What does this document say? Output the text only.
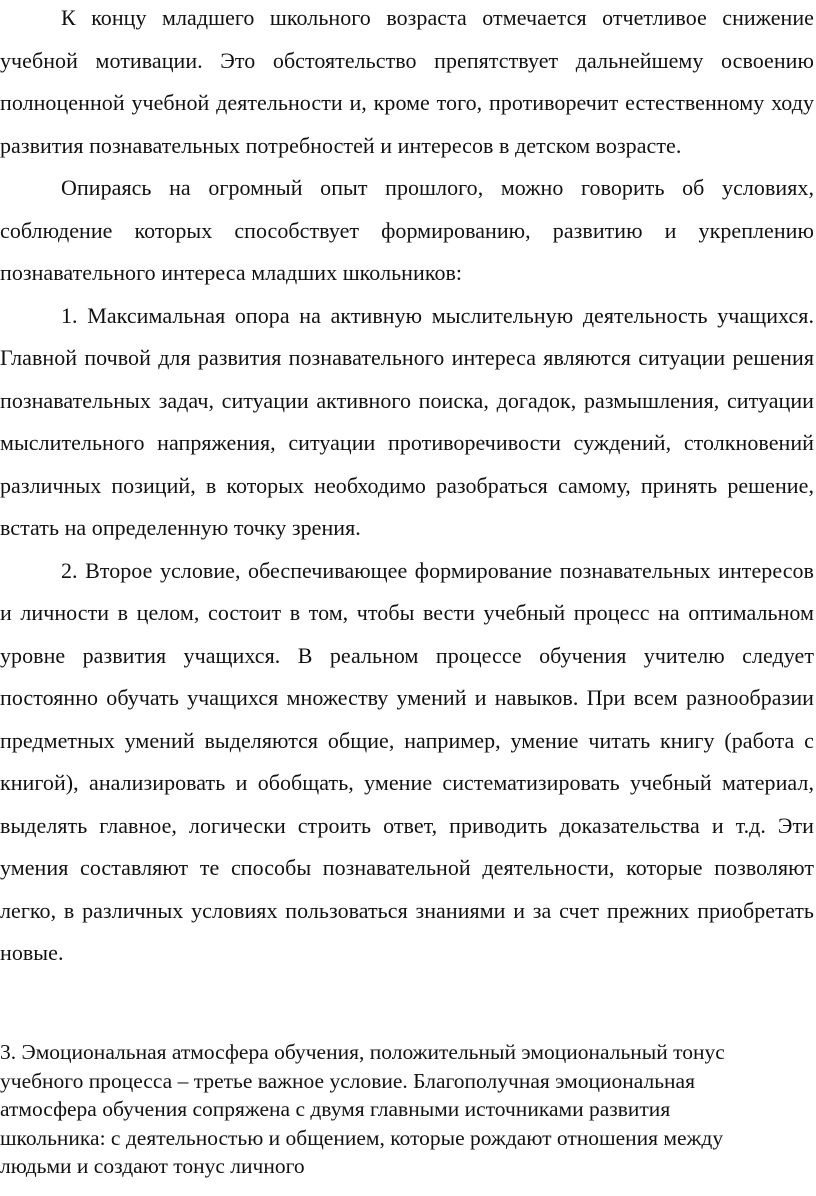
К концу младшего школьного возраста отмечается отчетливое снижение учебной мотивации. Это обстоятельство препятствует дальнейшему освоению полноценной учебной деятельности и, кроме того, противоречит естественному ходу развития познавательных потребностей и интересов в детском возрасте.

Опираясь на огромный опыт прошлого, можно говорить об условиях, соблюдение которых способствует формированию, развитию и укреплению познавательного интереса младших школьников:

1. Максимальная опора на активную мыслительную деятельность учащихся. Главной почвой для развития познавательного интереса являются ситуации решения познавательных задач, ситуации активного поиска, догадок, размышления, ситуации мыслительного напряжения, ситуации противоречивости суждений, столкновений различных позиций, в которых необходимо разобраться самому, принять решение, встать на определенную точку зрения.

2. Второе условие, обеспечивающее формирование познавательных интересов и личности в целом, состоит в том, чтобы вести учебный процесс на оптимальном уровне развития учащихся. В реальном процессе обучения учителю следует постоянно обучать учащихся множеству умений и навыков. При всем разнообразии предметных умений выделяются общие, например, умение читать книгу (работа с книгой), анализировать и обобщать, умение систематизировать учебный материал, выделять главное, логически строить ответ, приводить доказательства и т.д. Эти умения составляют те способы познавательной деятельности, которые позволяют легко, в различных условиях пользоваться знаниями и за счет прежних приобретать новые.

3. Эмоциональная атмосфера обучения, положительный эмоциональный тонус учебного процесса – третье важное условие. Благополучная эмоциональная атмосфера обучения сопряжена с двумя главными источниками развития школьника: с деятельностью и общением, которые рождают отношения между людьми и создают тонус личного
